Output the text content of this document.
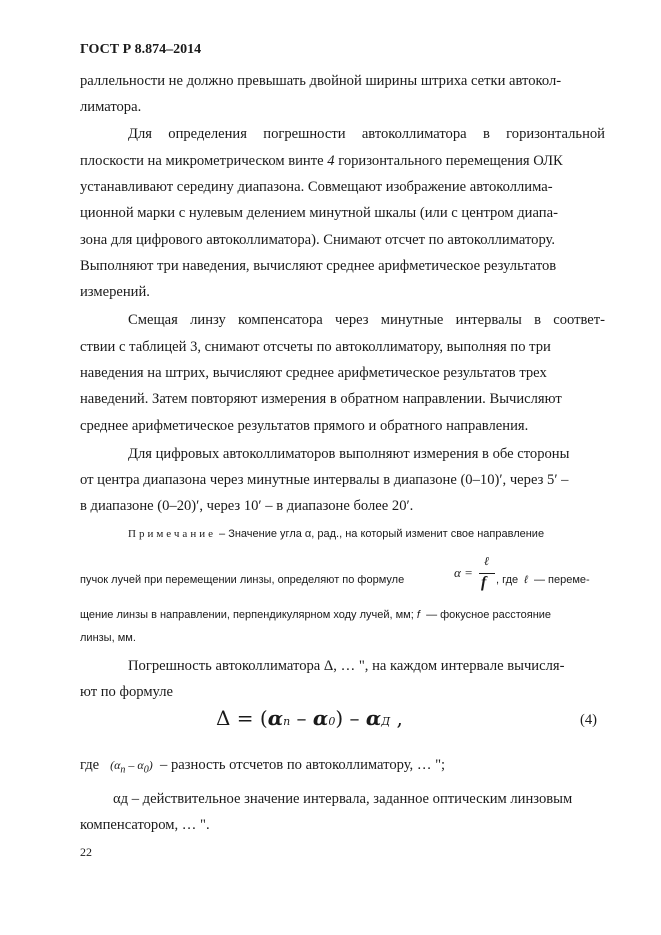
ГОСТ Р 8.874–2014
раллельности не должно превышать двойной ширины штриха сетки автокол-
лиматора.
Для определения погрешности автоколлиматора в горизонтальной
плоскости на микрометрическом винте 4 горизонтального перемещения ОЛК
устанавливают середину диапазона. Совмещают изображение автоколлима-
ционной марки с нулевым делением минутной шкалы (или с центром диапа-
зона для цифрового автоколлиматора). Снимают отсчет по автоколлиматору.
Выполняют три наведения, вычисляют среднее арифметическое результатов
измерений.
Смещая линзу компенсатора через минутные интервалы в соответ-
ствии с таблицей 3, снимают отсчеты по автоколлиматору, выполняя по три
наведения на штрих, вычисляют среднее арифметическое результатов трех
наведений. Затем повторяют измерения в обратном направлении. Вычисляют
среднее арифметическое результатов прямого и обратного направления.
Для цифровых автоколлиматоров выполняют измерения в обе стороны
от центра диапазона через минутные интервалы в диапазоне (0–10)′, через 5′ –
в диапазоне (0–20)′, через 10′ – в диапазоне более 20′.
Примечание – Значение угла α, рад., на который изменит свое направление
пучок лучей при перемещении линзы, определяют по формуле	α =
ℓ
f , где ℓ — переме-
щение линзы в направлении, перпендикулярном ходу лучей, мм; f — фокусное расстояние
линзы, мм.
Погрешность автоколлиматора Δ, … ", на каждом интервале вычисля-
ют по формуле
Δ = (αn – α0) – αД ,	(4)
где $(\alpha_n - \alpha_0)$ – разность отсчетов по автоколлиматору, … ";
αд – действительное значение интервала, заданное оптическим линзовым
компенсатором, … ".
22
